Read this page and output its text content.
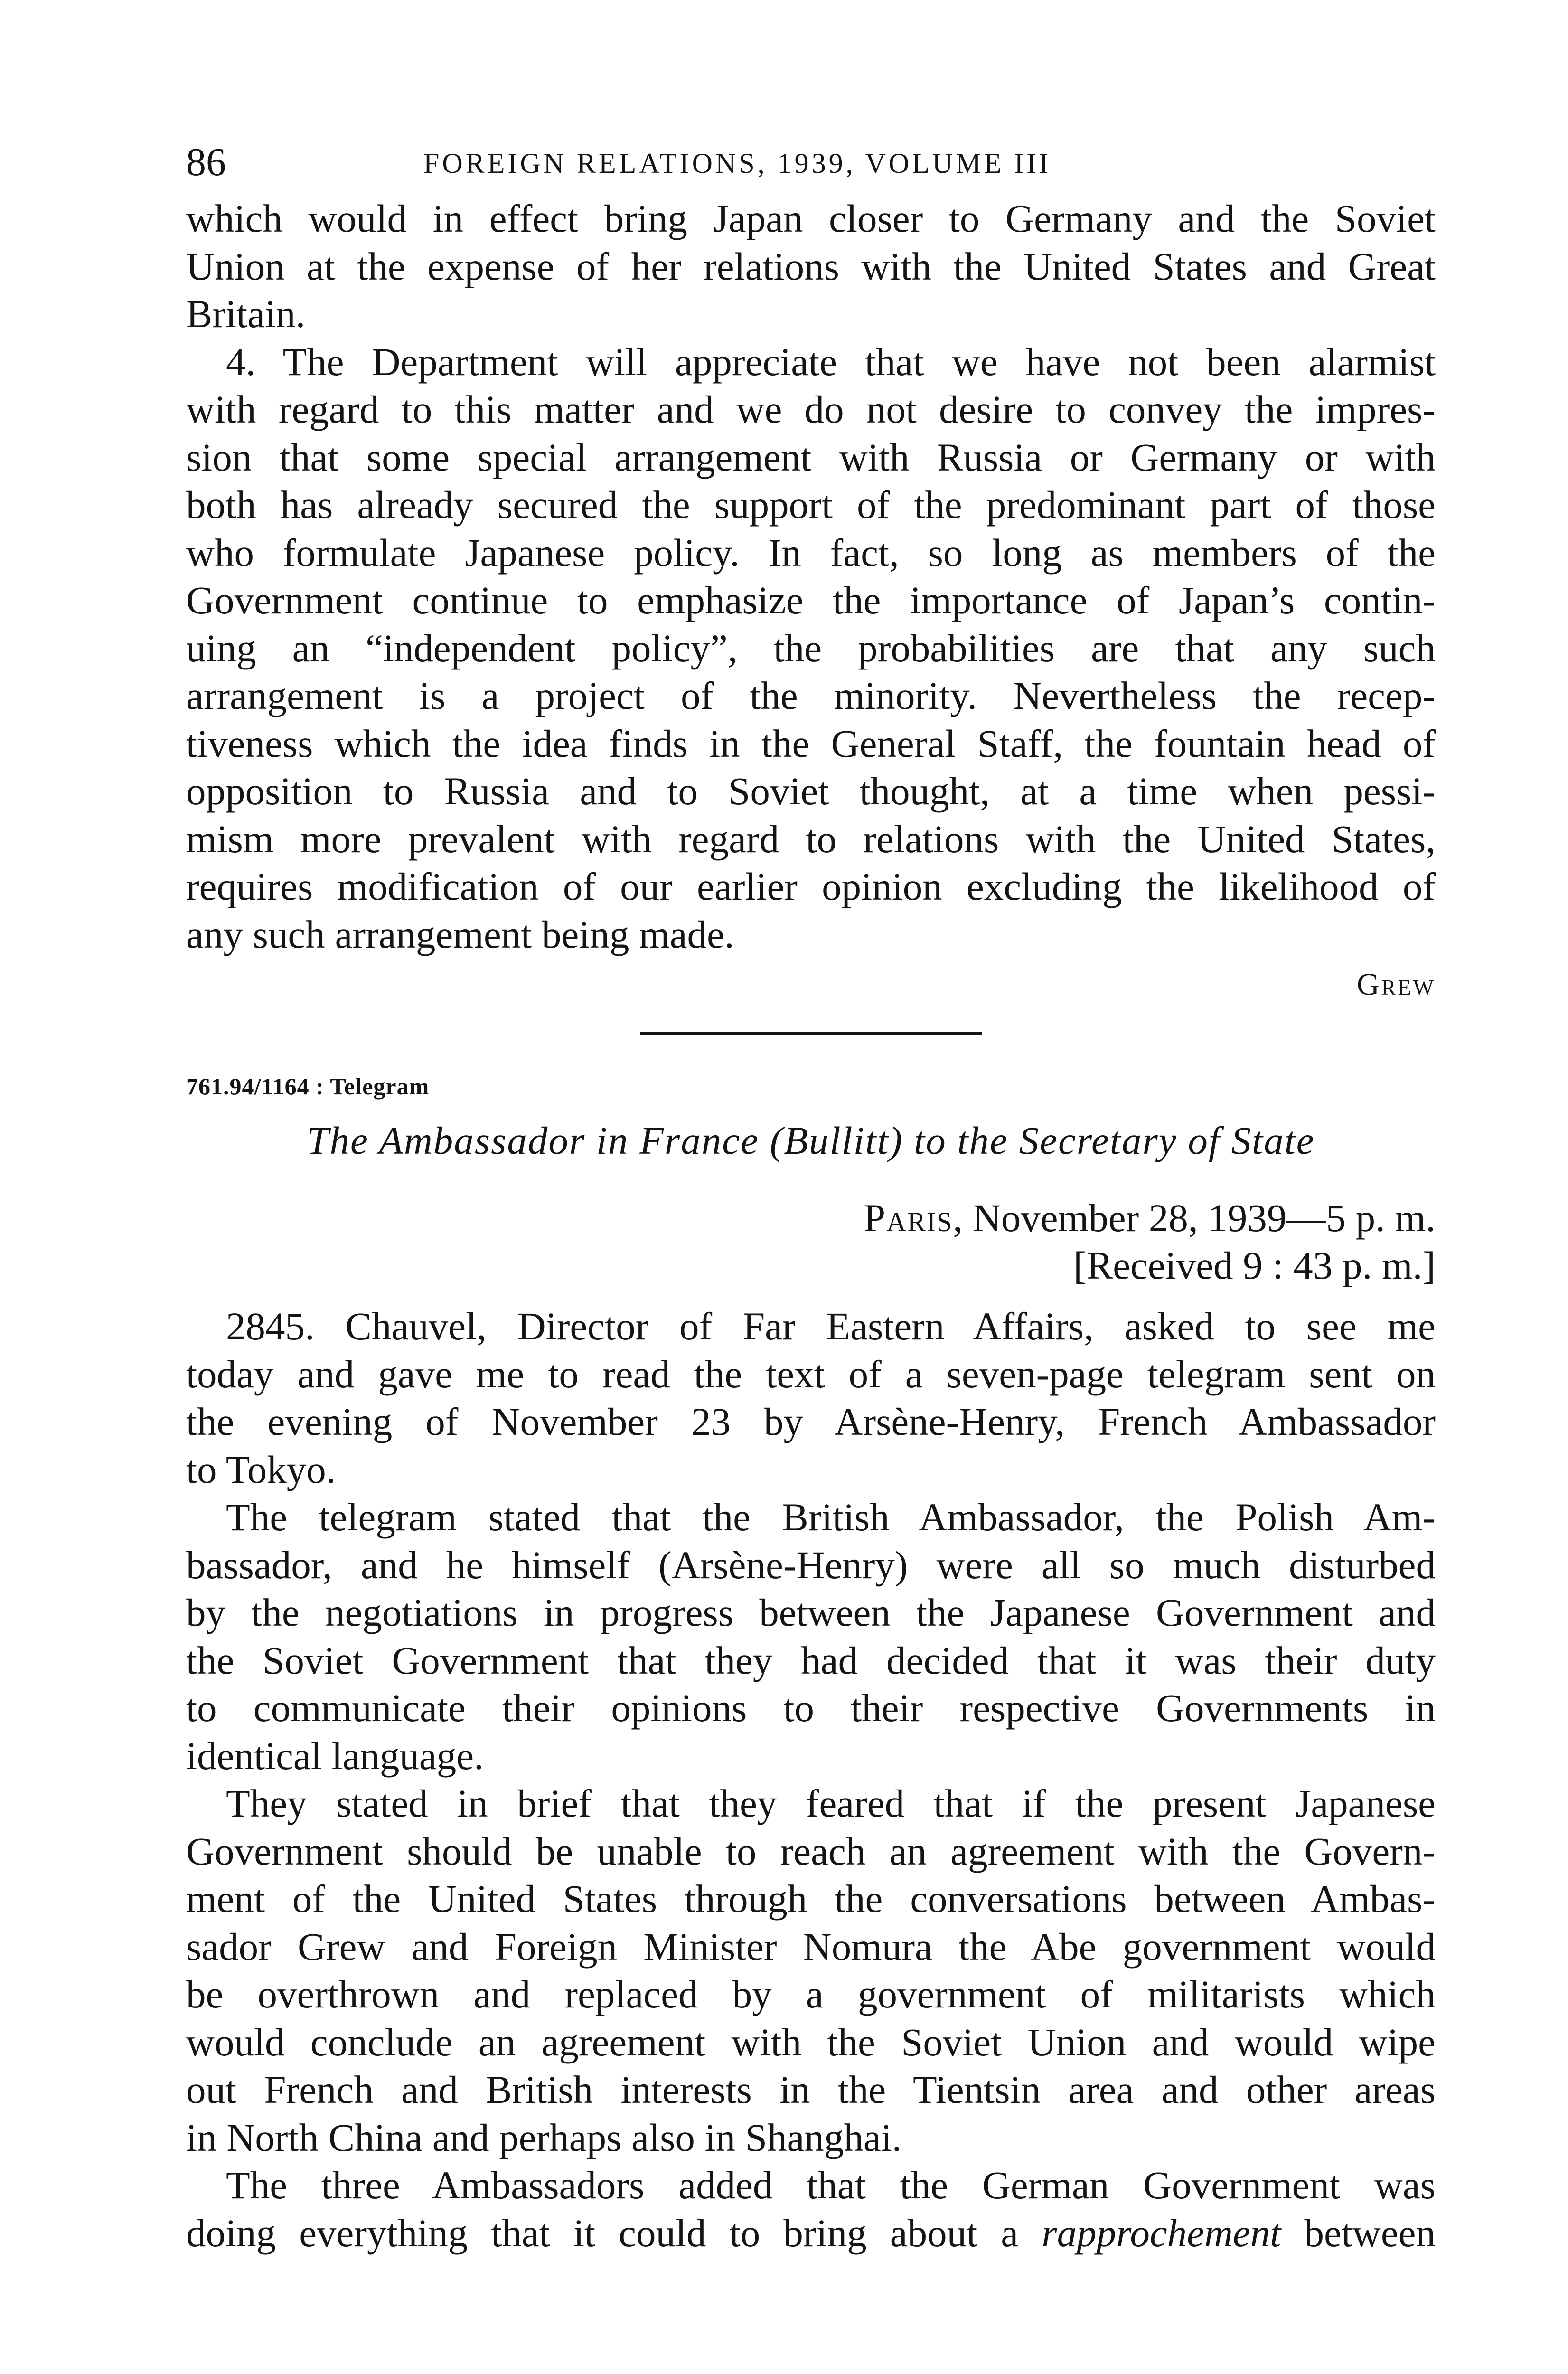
86	FOREIGN RELATIONS, 1939, VOLUME III

which would in effect bring Japan closer to Germany and the Soviet
Union at the expense of her relations with the United States and Great
Britain.

4. The Department will appreciate that we have not been alarmist
with regard to this matter and we do not desire to convey the impres-
sion that some special arrangement with Russia or Germany or with
both has already secured the support of the predominant part of those
who formulate Japanese policy. In fact, so long as members of the
Government continue to emphasize the importance of Japan’s contin-
uing an “independent policy”, the probabilities are that any such
arrangement is a project of the minority. Nevertheless the recep-
tiveness which the idea finds in the General Staff, the fountain head of
opposition to Russia and to Soviet thought, at a time when pessi-
mism more prevalent with regard to relations with the United States,
requires modification of our earlier opinion excluding the likelihood of
any such arrangement being made.

Grew
761.94/1164 : Telegram
The Ambassador in France (Bullitt) to the Secretary of State
Paris, November 28, 1939—5 p. m.
[Received 9 : 43 p. m.]

2845. Chauvel, Director of Far Eastern Affairs, asked to see me
today and gave me to read the text of a seven-page telegram sent on
the evening of November 23 by Arsène-Henry, French Ambassador
to Tokyo.

The telegram stated that the British Ambassador, the Polish Am-
bassador, and he himself (Arsène-Henry) were all so much disturbed
by the negotiations in progress between the Japanese Government and
the Soviet Government that they had decided that it was their duty
to communicate their opinions to their respective Governments in
identical language.

They stated in brief that they feared that if the present Japanese
Government should be unable to reach an agreement with the Govern-
ment of the United States through the conversations between Ambas-
sador Grew and Foreign Minister Nomura the Abe government would
be overthrown and replaced by a government of militarists which
would conclude an agreement with the Soviet Union and would wipe
out French and British interests in the Tientsin area and other areas
in North China and perhaps also in Shanghai.

The three Ambassadors added that the German Government was
doing everything that it could to bring about a rapprochement between
